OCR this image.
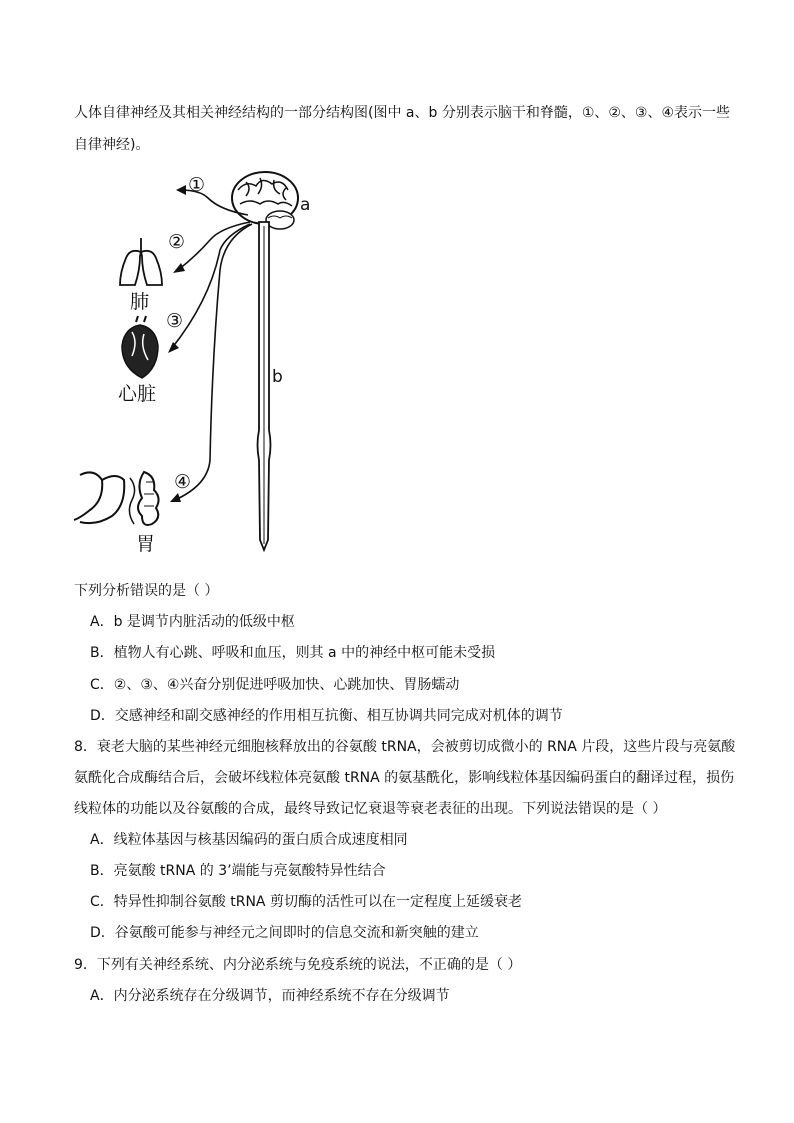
人体自律神经及其相关神经结构的一部分结构图(图中 a、b 分别表示脑干和脊髓，①、②、③、④表示一些
自律神经)。
a
b
①
②
③
④
肺
心脏
胃
下列分析错误的是（ ）
A．b 是调节内脏活动的低级中枢
B．植物人有心跳、呼吸和血压，则其 a 中的神经中枢可能未受损
C．②、③、④兴奋分别促进呼吸加快、心跳加快、胃肠蠕动
D．交感神经和副交感神经的作用相互抗衡、相互协调共同完成对机体的调节
8．衰老大脑的某些神经元细胞核释放出的谷氨酸 tRNA，会被剪切成微小的 RNA 片段，这些片段与亮氨酸
氨酰化合成酶结合后，会破坏线粒体亮氨酸 tRNA 的氨基酰化，影响线粒体基因编码蛋白的翻译过程，损伤
线粒体的功能以及谷氨酸的合成，最终导致记忆衰退等衰老表征的出现。下列说法错误的是（ ）
A．线粒体基因与核基因编码的蛋白质合成速度相同
B．亮氨酸 tRNA 的 3’端能与亮氨酸特异性结合
C．特异性抑制谷氨酸 tRNA 剪切酶的活性可以在一定程度上延缓衰老
D．谷氨酸可能参与神经元之间即时的信息交流和新突触的建立
9．下列有关神经系统、内分泌系统与免疫系统的说法，不正确的是（ ）
A．内分泌系统存在分级调节，而神经系统不存在分级调节
